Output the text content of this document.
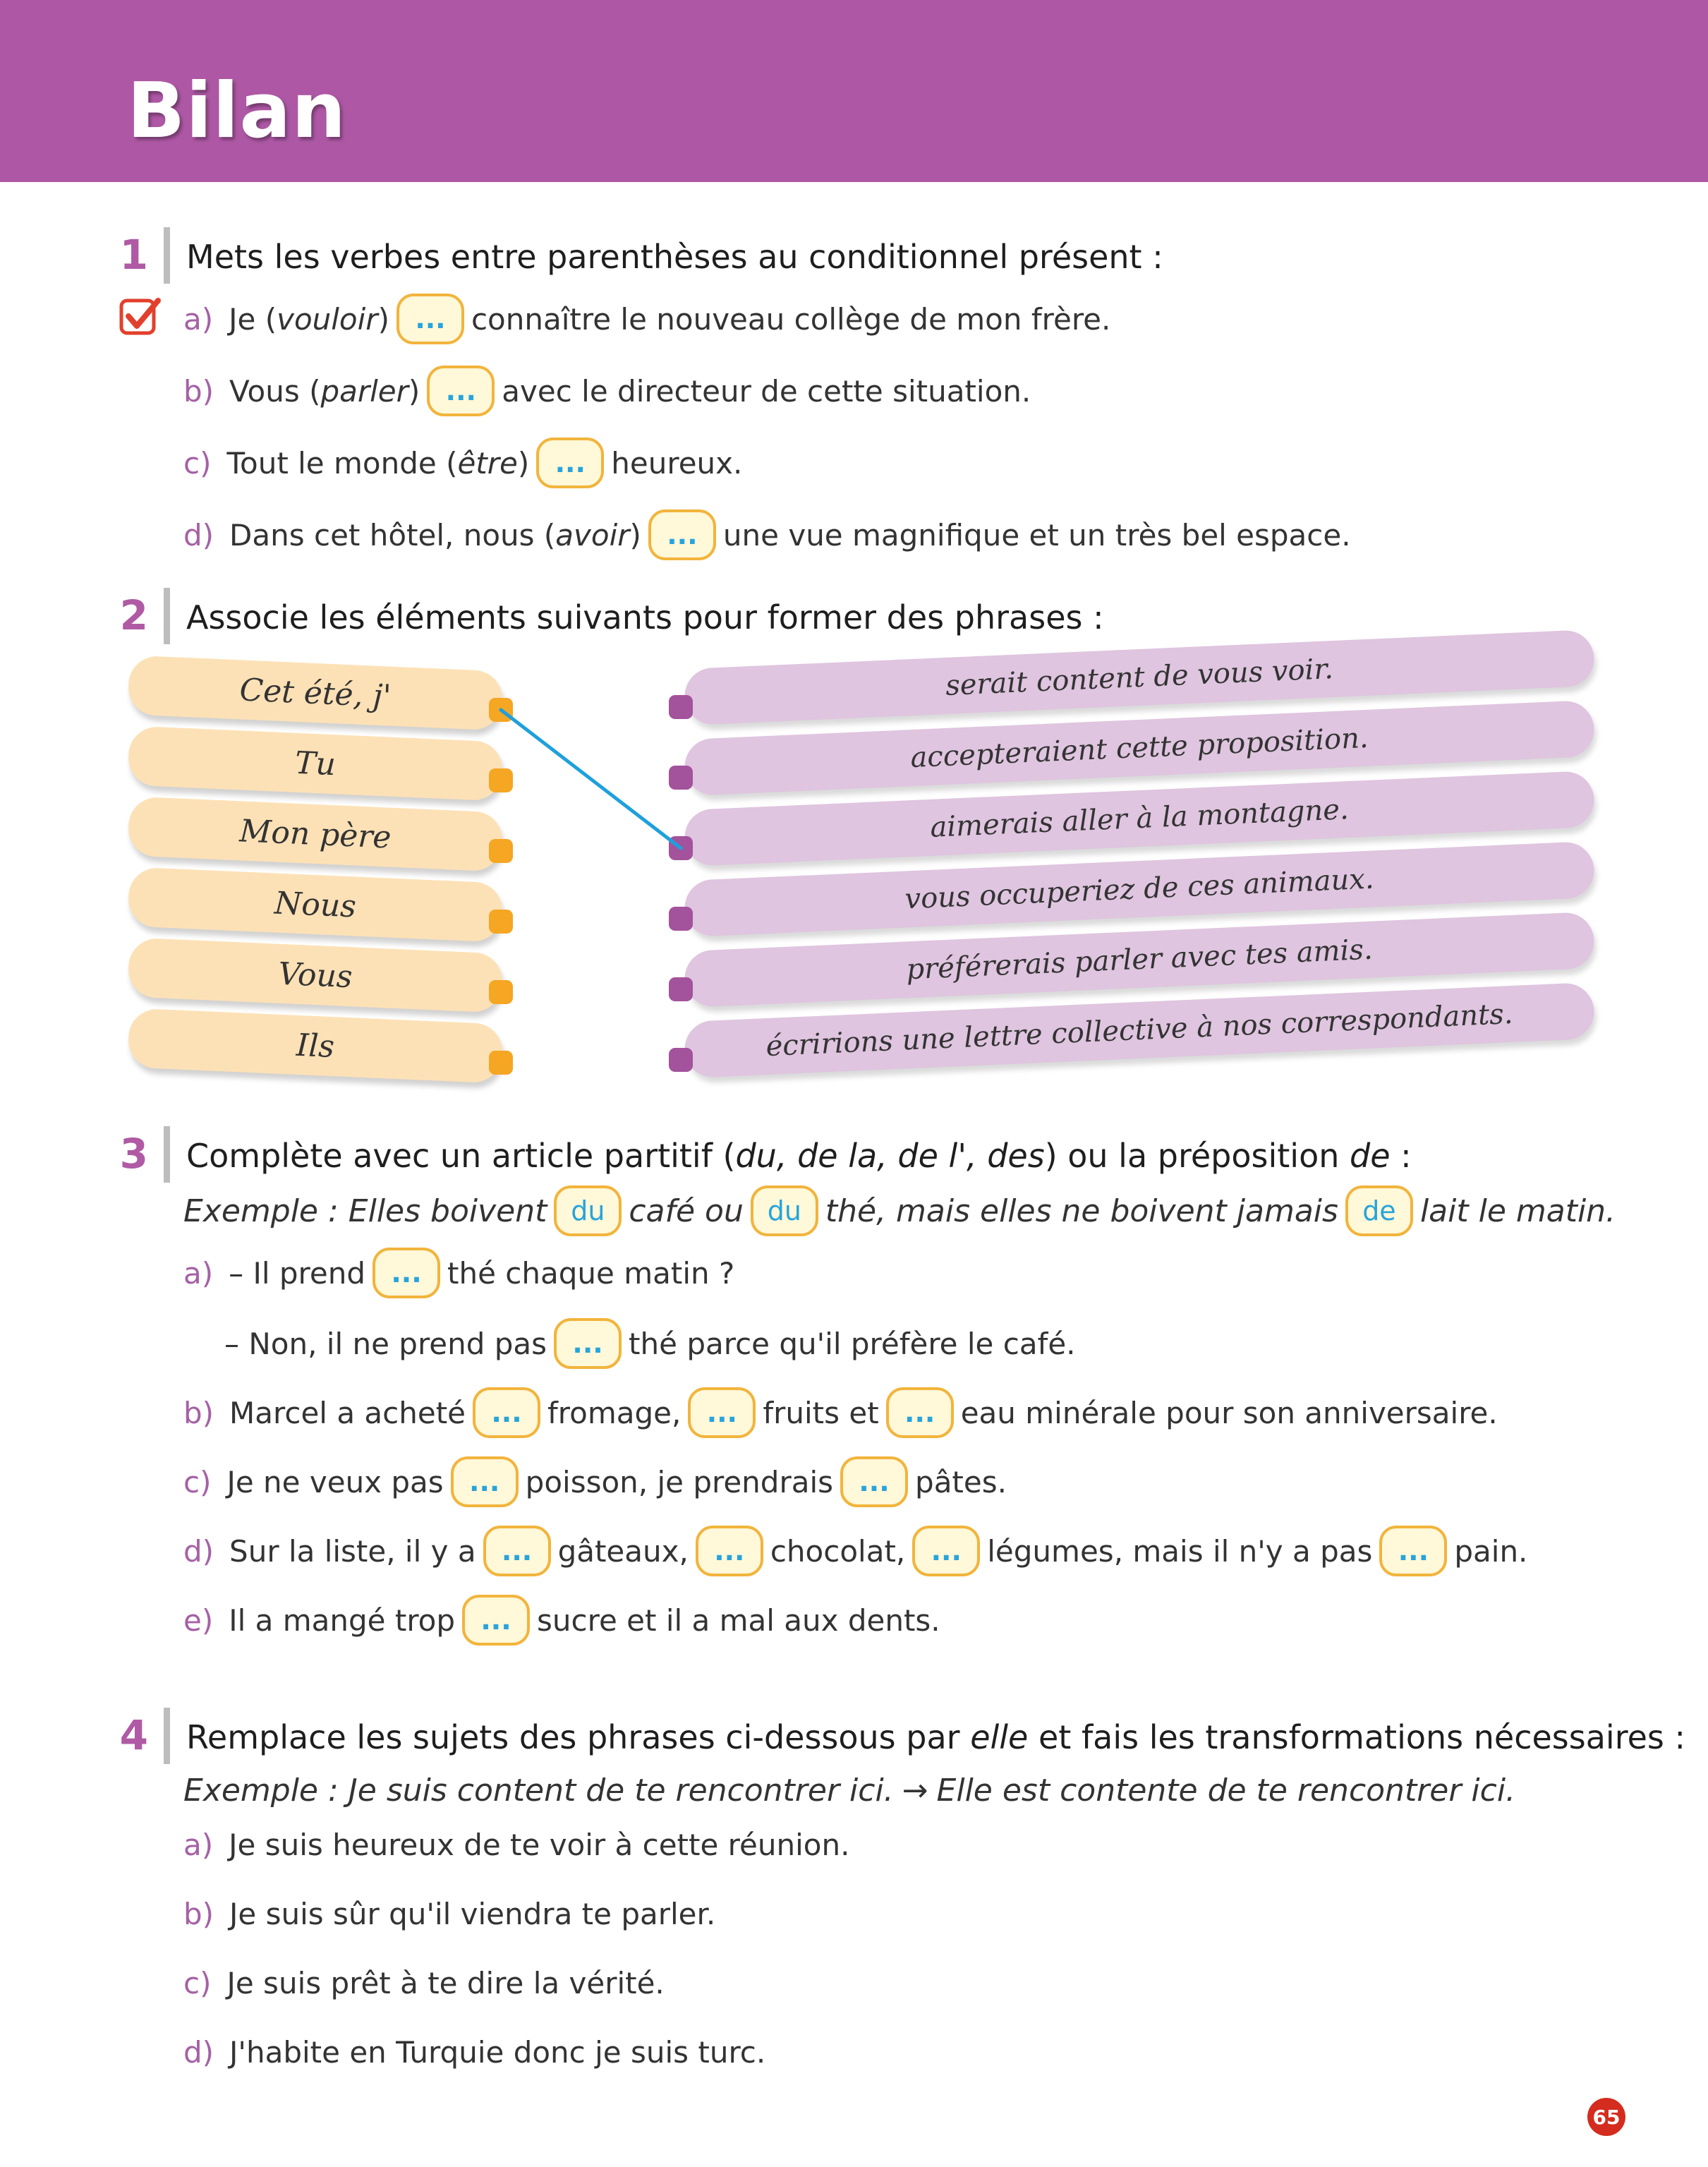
Bilan
1 Mets les verbes entre parenthèses au conditionnel présent :
a) Je ( vouloir ) ... connaître le nouveau collège de mon frère.
b) Vous ( parler ) ... avec le directeur de cette situation.
c) Tout le monde ( être ) ... heureux.
d) Dans cet hôtel, nous ( avoir ) ... une vue magnifique et un très bel espace.
2 Associe les éléments suivants pour former des phrases :
Cet été, j'
Tu
Mon père
Nous
Vous
Ils
serait content de vous voir.
accepteraient cette proposition.
aimerais aller à la montagne.
vous occuperiez de ces animaux.
préférerais parler avec tes amis.
écririons une lettre collective à nos correspondants.
3 Complète avec un article partitif (du, de la, de l', des) ou la préposition de :
Exemple : Elles boivent du café ou du thé, mais elles ne boivent jamais de lait le matin.
a) – Il prend ... thé chaque matin ?
– Non, il ne prend pas ... thé parce qu'il préfère le café.
b) Marcel a acheté ... fromage, ... fruits et ... eau minérale pour son anniversaire.
c) Je ne veux pas ... poisson, je prendrais ... pâtes.
d) Sur la liste, il y a ... gâteaux, ... chocolat, ... légumes, mais il n'y a pas ... pain.
e) Il a mangé trop ... sucre et il a mal aux dents.
4 Remplace les sujets des phrases ci-dessous par elle et fais les transformations nécessaires :
Exemple : Je suis content de te rencontrer ici. → Elle est contente de te rencontrer ici.
a) Je suis heureux de te voir à cette réunion.
b) Je suis sûr qu'il viendra te parler.
c) Je suis prêt à te dire la vérité.
d) J'habite en Turquie donc je suis turc.
65
